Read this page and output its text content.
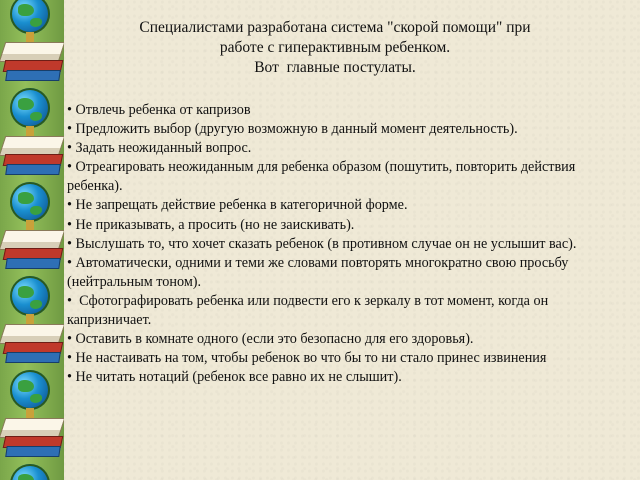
Специалистами разработана система "скорой помощи" при
работе с гиперактивным ребенком.
Вот  главные постулаты.
• Отвлечь ребенка от капризов
• Предложить выбор (другую возможную в данный момент деятельность).
• Задать неожиданный вопрос.
• Отреагировать неожиданным для ребенка образом (пошутить, повторить действия ребенка).
• Не запрещать действие ребенка в категоричной форме.
• Не приказывать, а просить (но не заискивать).
• Выслушать то, что хочет сказать ребенок (в противном случае он не услышит вас).
• Автоматически, одними и теми же словами повторять многократно свою просьбу (нейтральным тоном).
•  Сфотографировать ребенка или подвести его к зеркалу в тот момент, когда он капризничает.
• Оставить в комнате одного (если это безопасно для его здоровья).
• Не настаивать на том, чтобы ребенок во что бы то ни стало принес извинения
• Не читать нотаций (ребенок все равно их не слышит).
